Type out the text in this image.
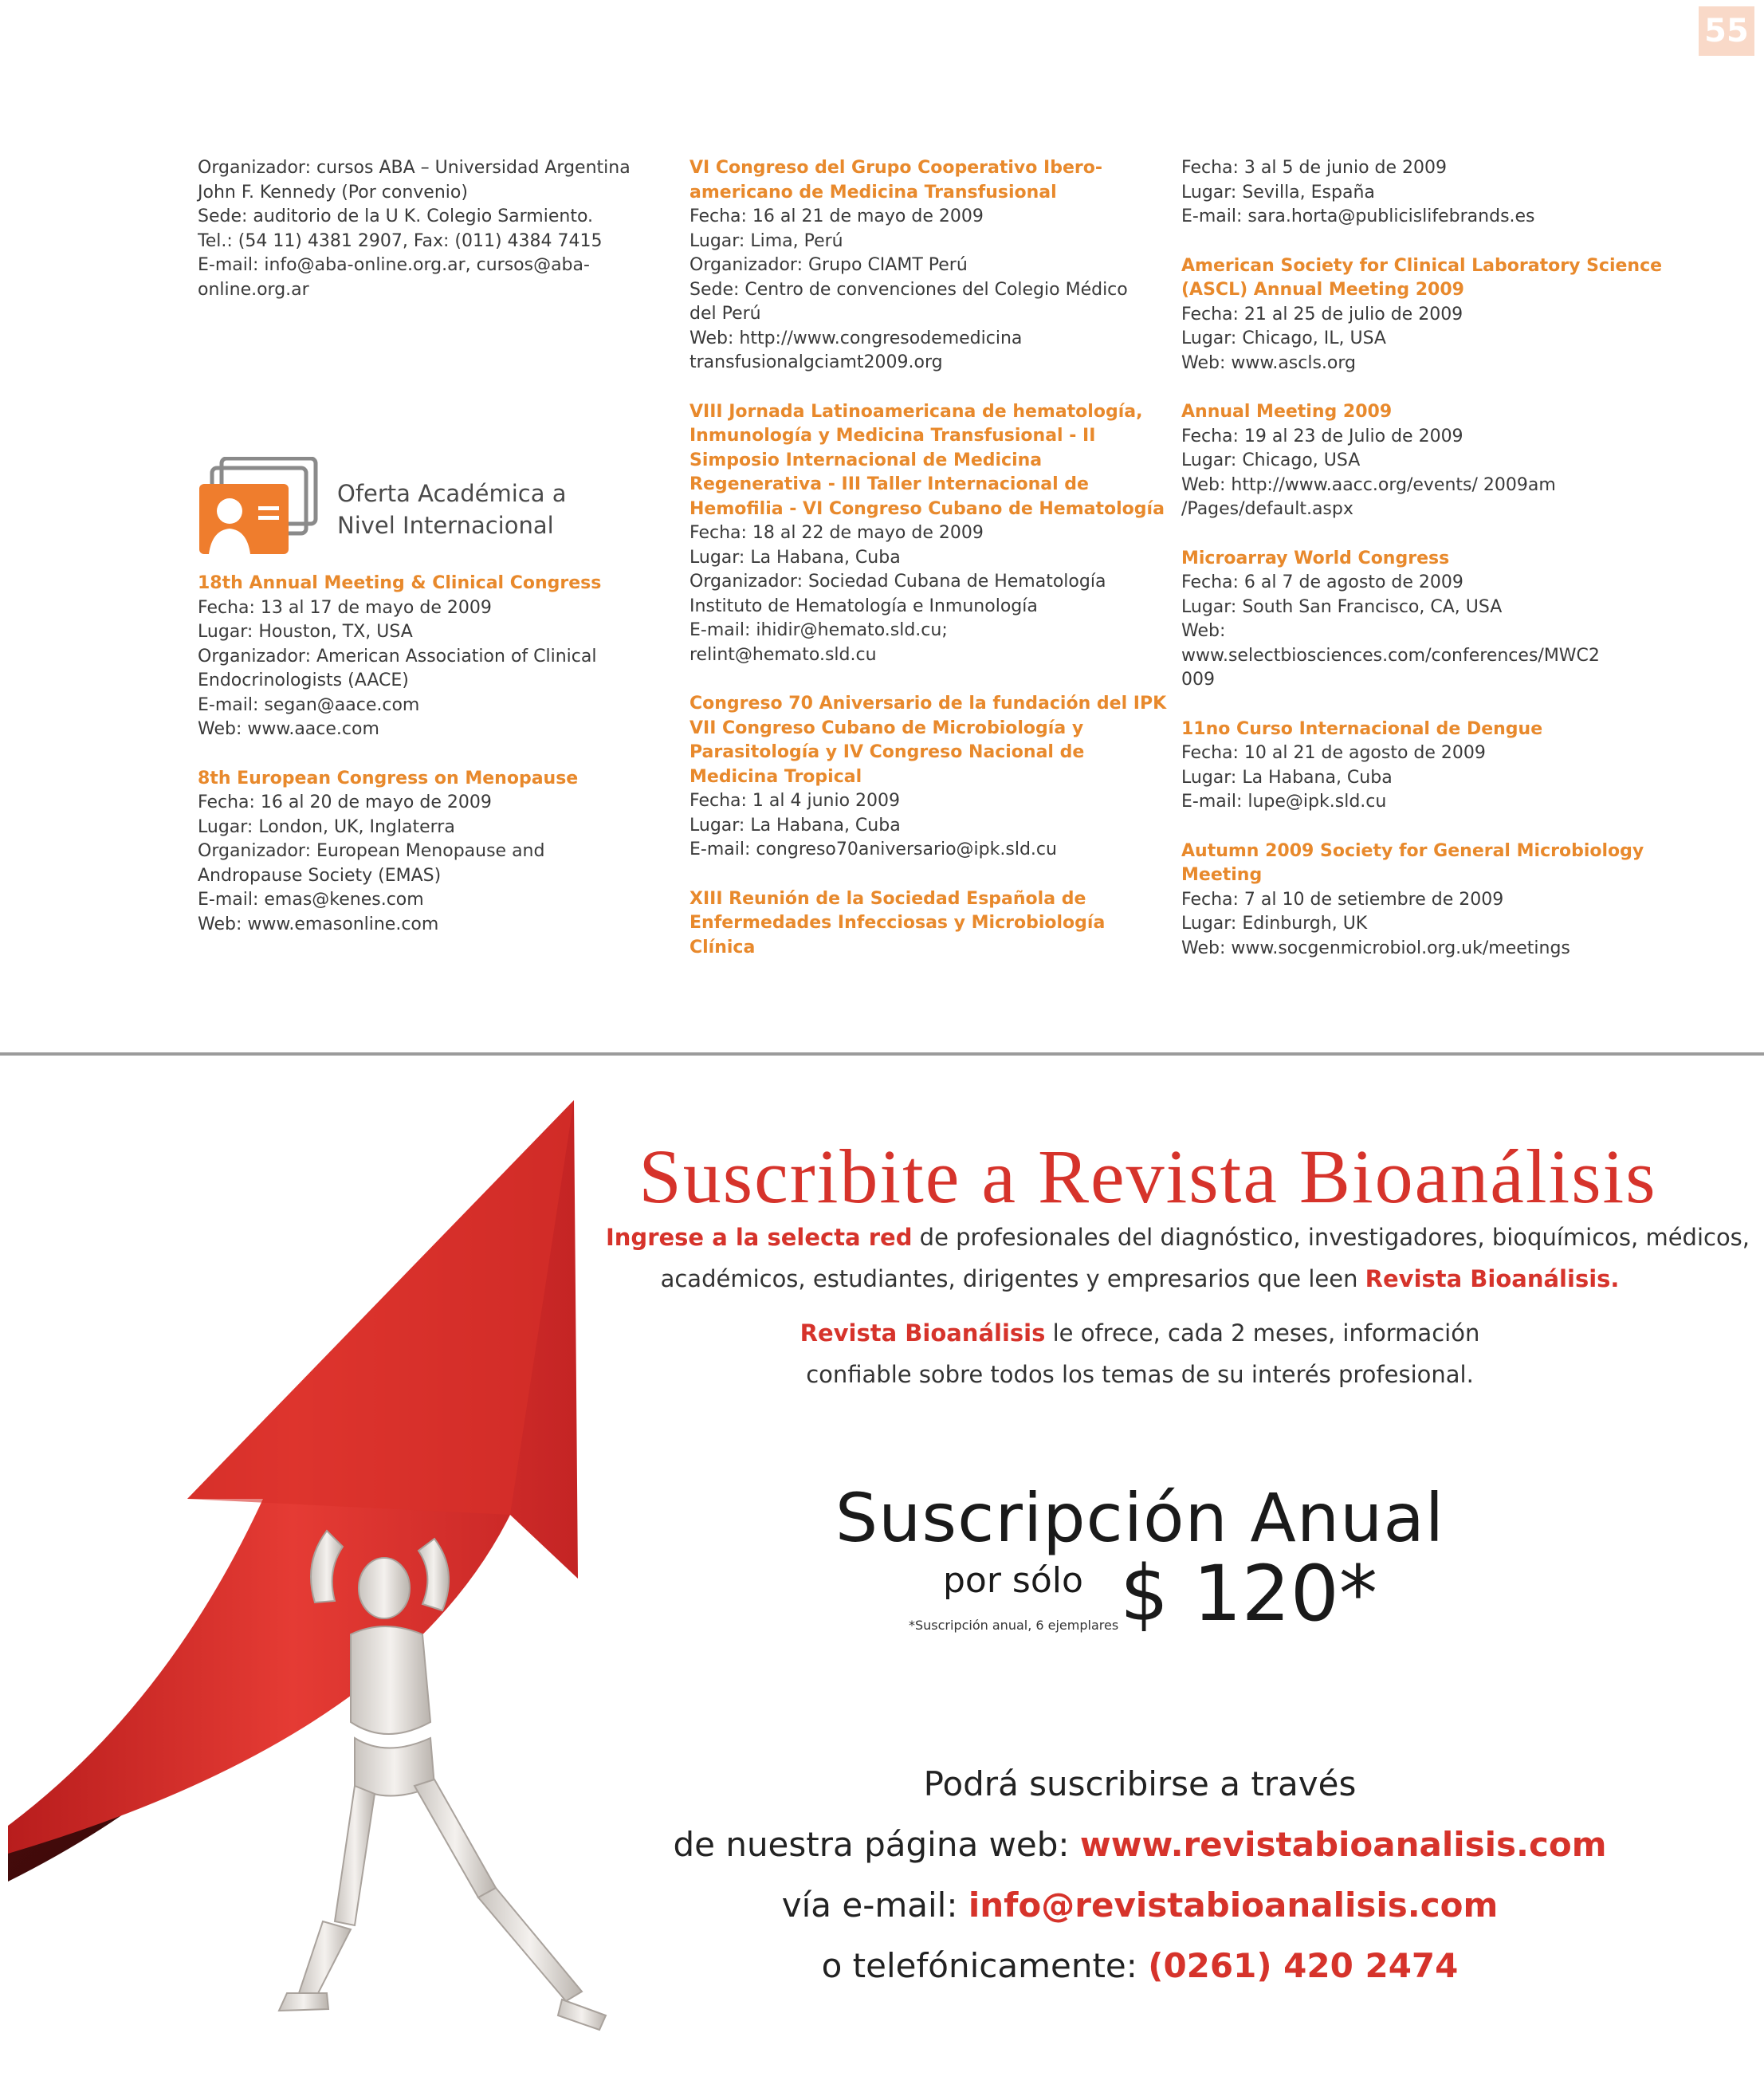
55
Organizador: cursos ABA – Universidad Argentina
John F. Kennedy (Por convenio)
Sede: auditorio de la U K. Colegio Sarmiento.
Tel.: (54 11) 4381 2907, Fax: (011) 4384 7415
E-mail: info@aba-online.org.ar, cursos@aba-
online.org.ar
Oferta Académica a
Nivel Internacional
18th Annual Meeting & Clinical Congress
Fecha: 13 al 17 de mayo de 2009
Lugar: Houston, TX, USA
Organizador: American Association of Clinical
Endocrinologists (AACE)
E-mail: segan@aace.com
Web: www.aace.com
8th European Congress on Menopause
Fecha: 16 al 20 de mayo de 2009
Lugar: London, UK, Inglaterra
Organizador: European Menopause and
Andropause Society (EMAS)
E-mail: emas@kenes.com
Web: www.emasonline.com
VI Congreso del Grupo Cooperativo Ibero-
americano de Medicina Transfusional
Fecha: 16 al 21 de mayo de 2009
Lugar: Lima, Perú
Organizador: Grupo CIAMT Perú
Sede: Centro de convenciones del Colegio Médico
del Perú
Web: http://www.congresodemedicina
transfusionalgciamt2009.org
VIII Jornada Latinoamericana de hematología,
Inmunología y Medicina Transfusional - II
Simposio Internacional de Medicina
Regenerativa - III Taller Internacional de
Hemofilia - VI Congreso Cubano de Hematología
Fecha: 18 al 22 de mayo de 2009
Lugar: La Habana, Cuba
Organizador: Sociedad Cubana de Hematología
Instituto de Hematología e Inmunología
E-mail: ihidir@hemato.sld.cu;
relint@hemato.sld.cu
Congreso 70 Aniversario de la fundación del IPK
VII Congreso Cubano de Microbiología y
Parasitología y IV Congreso Nacional de
Medicina Tropical
Fecha: 1 al 4 junio 2009
Lugar: La Habana, Cuba
E-mail: congreso70aniversario@ipk.sld.cu
XIII Reunión de la Sociedad Española de
Enfermedades Infecciosas y Microbiología
Clínica
Fecha: 3 al 5 de junio de 2009
Lugar: Sevilla, España
E-mail: sara.horta@publicislifebrands.es
American Society for Clinical Laboratory Science
(ASCL) Annual Meeting 2009
Fecha: 21 al 25 de julio de 2009
Lugar: Chicago, IL, USA
Web: www.ascls.org
Annual Meeting 2009
Fecha: 19 al 23 de Julio de 2009
Lugar: Chicago, USA
Web: http://www.aacc.org/events/ 2009am
/Pages/default.aspx
Microarray World Congress
Fecha: 6 al 7 de agosto de 2009
Lugar: South San Francisco, CA, USA
Web:
www.selectbiosciences.com/conferences/MWC2
009
11no Curso Internacional de Dengue
Fecha: 10 al 21 de agosto de 2009
Lugar: La Habana, Cuba
E-mail: lupe@ipk.sld.cu
Autumn 2009 Society for General Microbiology
Meeting
Fecha: 7 al 10 de setiembre de 2009
Lugar: Edinburgh, UK
Web: www.socgenmicrobiol.org.uk/meetings
Suscribite a Revista Bioanálisis

Ingrese a la selecta red de profesionales del diagnóstico, investigadores, bioquímicos, médicos,

académicos, estudiantes, dirigentes y empresarios que leen Revista Bioanálisis.

Revista Bioanálisis le ofrece, cada 2 meses, información

confiable sobre todos los temas de su interés profesional.

Suscripción Anual
por sólo
*Suscripción anual, 6 ejemplares $ 120*

Podrá suscribirse a través

de nuestra página web: www.revistabioanalisis.com

vía e-mail: info@revistabioanalisis.com

o telefónicamente: (0261) 420 2474
